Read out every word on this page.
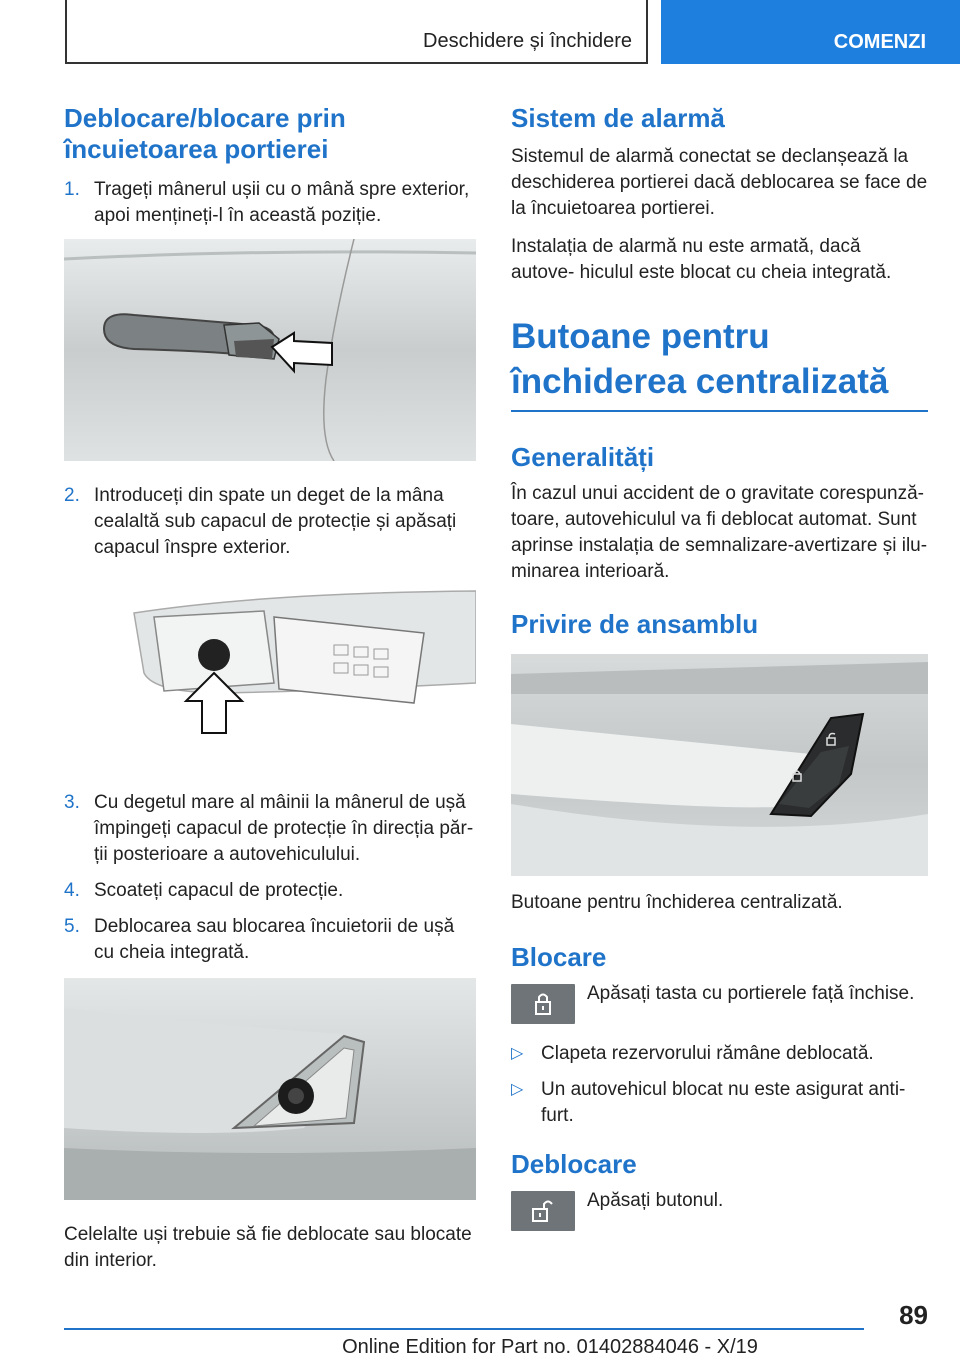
Deschidere și închidere	COMENZI
Deblocare/blocare prin încuietoarea portierei
1. Trageți mânerul ușii cu o mână spre exterior, apoi mențineți-l în această poziție.
2. Introduceți din spate un deget de la mâna cealaltă sub capacul de protecție și apăsați capacul înspre exterior.
3. Cu degetul mare al mâinii la mânerul de ușă împingeți capacul de protecție în direcția păr‐ ții posterioare a autovehiculului.
4. Scoateți capacul de protecție.
5. Deblocarea sau blocarea încuietorii de ușă cu cheia integrată.

Celelalte uși trebuie să fie deblocate sau blocate din interior.

Sistem de alarmă

Sistemul de alarmă conectat se declanșează la deschiderea portierei dacă deblocarea se face de la încuietoarea portierei.

Instalația de alarmă nu este armată, dacă autove‐ hiculul este blocat cu cheia integrată.

Butoane pentru închiderea centralizată
Generalități

În cazul unui accident de o gravitate corespunză‐ toare, autovehiculul va fi deblocat automat. Sunt aprinse instalația de semnalizare-avertizare și ilu‐ minarea interioară.

Privire de ansamblu

Butoane pentru închiderea centralizată.

Blocare
Apăsați tasta cu portierele față închise.
▷ Clapeta rezervorului rămâne deblocată.
▷ Un autovehicul blocat nu este asigurat anti‐ furt.
Deblocare
Apăsați butonul.
89
Online Edition for Part no. 01402884046 - X/19
